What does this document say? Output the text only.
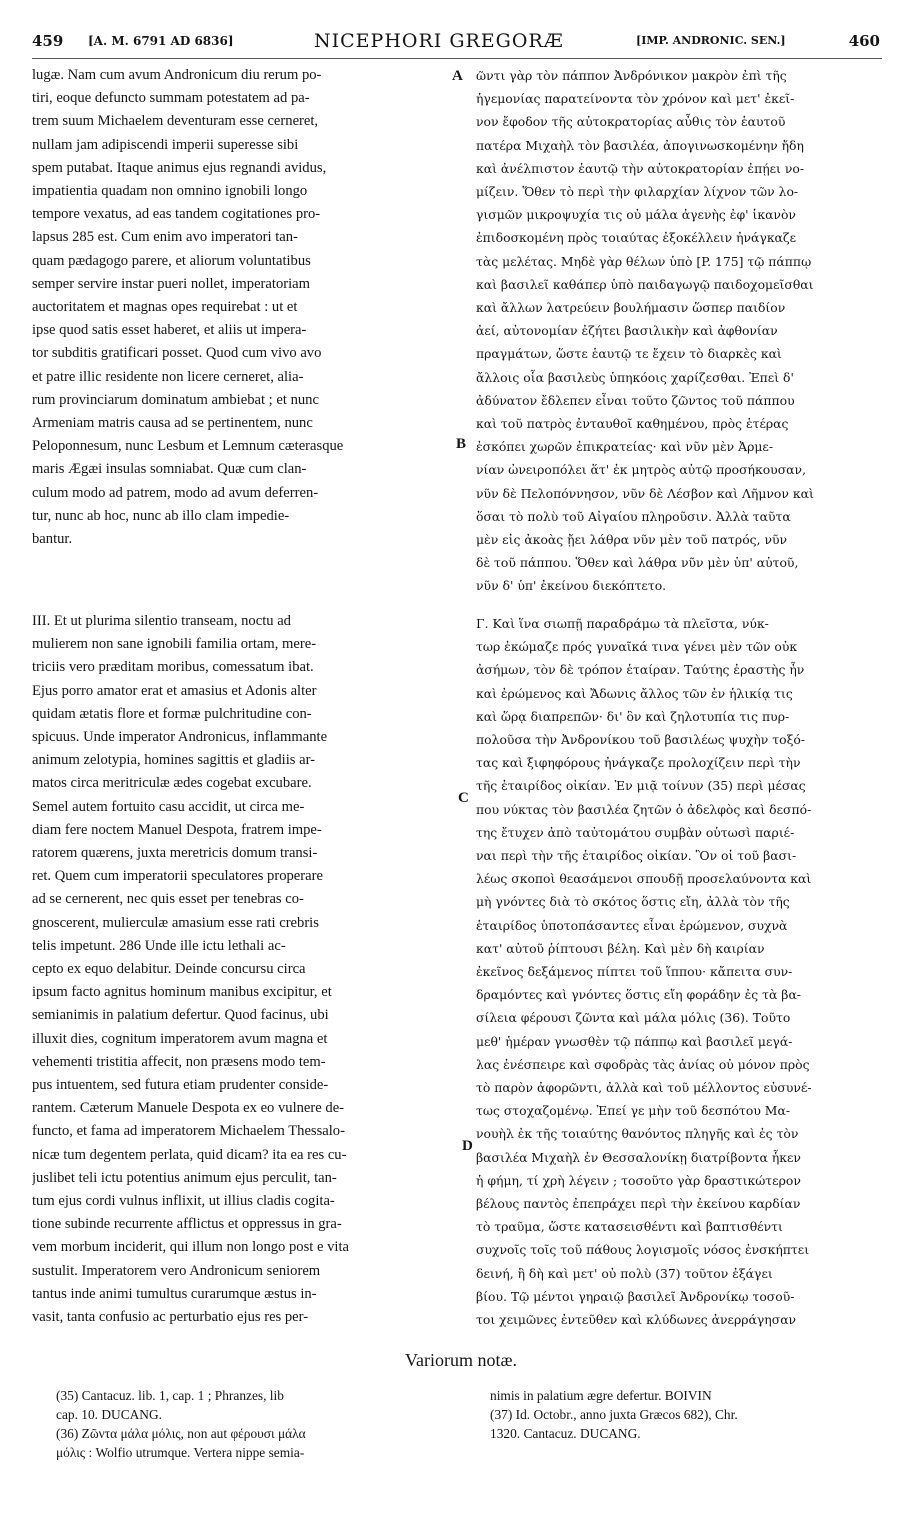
459 [A. M. 6791 AD 6836]	NICEPHORI GREGORÆ	[IMP. ANDRONIC. SEN.]	460
lugæ. Nam cum avum Andronicum diu rerum po-
tiri, eoque defuncto summam potestatem ad pa-
trem suum Michaelem deventuram esse cerneret,
nullam jam adipiscendi imperii superesse sibi
spem putabat. Itaque animus ejus regnandi avidus,
impatientia quadam non omnino ignobili longo
tempore vexatus, ad eas tandem cogitationes pro-
lapsus 285 est. Cum enim avo imperatori tan-
quam pædagogo parere, et aliorum voluntatibus
semper servire instar pueri nollet, imperatoriam
auctoritatem et magnas opes requirebat : ut et
ipse quod satis esset haberet, et aliis ut impera-
tor subditis gratificari posset. Quod cum vivo avo
et patre illic residente non licere cerneret, alia-
rum provinciarum dominatum ambiebat ; et nunc
Armeniam matris causa ad se pertinentem, nunc
Peloponnesum, nunc Lesbum et Lemnum cæterasque
maris Ægæi insulas somniabat. Quæ cum clan-
culum modo ad patrem, modo ad avum deferren-
tur, nunc ab hoc, nunc ab illo clam impedie-
bantur.
III. Et ut plurima silentio transeam, noctu ad
mulierem non sane ignobili familia ortam, mere-
triciis vero præditam moribus, comessatum ibat.
Ejus porro amator erat et amasius et Adonis alter
quidam ætatis flore et formæ pulchritudine con-
spicuus. Unde imperator Andronicus, inflammante
animum zelotypia, homines sagittis et gladiis ar-
matos circa meritriculæ ædes cogebat excubare.
Semel autem fortuito casu accidit, ut circa me-
diam fere noctem Manuel Despota, fratrem impe-
ratorem quærens, juxta meretricis domum transi-
ret. Quem cum imperatorii speculatores properare
ad se cernerent, nec quis esset per tenebras co-
gnoscerent, mulierculæ amasium esse rati crebris
telis impetunt. 286 Unde ille ictu lethali ac-
cepto ex equo delabitur. Deinde concursu circa
ipsum facto agnitus hominum manibus excipitur, et
semianimis in palatium defertur. Quod facinus, ubi
illuxit dies, cognitum imperatorem avum magna et
vehementi tristitia affecit, non præsens modo tem-
pus intuentem, sed futura etiam prudenter conside-
rantem. Cæterum Manuele Despota ex eo vulnere de-
functo, et fama ad imperatorem Michaelem Thessalo-
nicæ tum degentem perlata, quid dicam? ita ea res cu-
juslibet teli ictu potentius animum ejus perculit, tan-
tum ejus cordi vulnus inflixit, ut illius cladis cogita-
tione subinde recurrente afflictus et oppressus in gra-
vem morbum inciderit, qui illum non longo post e vita
sustulit. Imperatorem vero Andronicum seniorem
tantus inde animi tumultus curarumque æstus in-
vasit, tanta confusio ac perturbatio ejus res per-
ῶντι γὰρ τὸν πάππον Ἀνδρόνικον μακρὸν ἐπὶ τῆς
ἡγεμονίας παρατείνοντα τὸν χρόνον καὶ μετ' ἐκεῖ-
νον ἔφοδον τῆς αὐτοκρατορίας αὖθις τὸν ἑαυτοῦ
πατέρα Μιχαὴλ τὸν βασιλέα, ἀπογινωσκομένην ἤδη
καὶ ἀνέλπιστον ἑαυτῷ τὴν αὐτοκρατορίαν ἐπῄει νο-
μίζειν. Ὅθεν τὸ περὶ τὴν φιλαρχίαν λίχνον τῶν λο-
γισμῶν μικροψυχία τις οὐ μάλα ἀγενὴς ἐφ' ἱκανὸν
ἐπιδοσκομένη πρὸς τοιαύτας ἐξοκέλλειν ἠνάγκαζε
τὰς μελέτας. Μηδὲ γὰρ θέλων ὑπὸ [P. 175] τῷ πάππῳ
καὶ βασιλεῖ καθάπερ ὑπὸ παιδαγωγῷ παιδοχομεῖσθαι
καὶ ἄλλων λατρεύειν βουλήμασιν ὥσπερ παιδίον
ἀεί, αὐτονομίαν ἐζήτει βασιλικὴν καὶ ἀφθονίαν
πραγμάτων, ὥστε ἑαυτῷ τε ἔχειν τὸ διαρκὲς καὶ
ἄλλοις οἷα βασιλεὺς ὑπηκόοις χαρίζεσθαι. Ἐπεὶ δ'
ἀδύνατον ἔδλεπεν εἶναι τοῦτο ζῶντος τοῦ πάππου
καὶ τοῦ πατρὸς ἐνταυθοῖ καθημένου, πρὸς ἑτέρας
ἐσκόπει χωρῶν ἐπικρατείας· καὶ νῦν μὲν Ἀρμε-
νίαν ὠνειροπόλει ἅτ' ἐκ μητρὸς αὐτῷ προσήκουσαν,
νῦν δὲ Πελοπόννησον, νῦν δὲ Λέσβον καὶ Λῆμνον καὶ
ὅσαι τὸ πολὺ τοῦ Αἰγαίου πληροῦσιν. Ἀλλὰ ταῦτα
μὲν εἰς ἀκοὰς ᾔει λάθρα νῦν μὲν τοῦ πατρός, νῦν
δὲ τοῦ πάππου. Ὅθεν καὶ λάθρα νῦν μὲν ὑπ' αὐτοῦ,
νῦν δ' ὑπ' ἐκείνου διεκόπτετο.
Γ. Καὶ ἵνα σιωπῇ παραδράμω τὰ πλεῖστα, νύκ-
τωρ ἐκώμαζε πρός γυναῖκά τινα γένει μὲν τῶν οὐκ
ἀσήμων, τὸν δὲ τρόπον ἑταίραν. Ταύτης ἐραστὴς ἦν
καὶ ἐρώμενος καὶ Ἄδωνις ἄλλος τῶν ἐν ἡλικίᾳ τις
καὶ ὥρᾳ διαπρεπῶν· δι' ὃν καὶ ζηλοτυπία τις πυρ-
πολοῦσα τὴν Ἀνδρονίκου τοῦ βασιλέως ψυχὴν τοξό-
τας καὶ ξιφηφόρους ἠνάγκαζε προλοχίζειν περὶ τὴν
τῆς ἑταιρίδος οἰκίαν. Ἐν μιᾷ τοίνυν (35) περὶ μέσας
που νύκτας τὸν βασιλέα ζητῶν ὁ ἀδελφὸς καὶ δεσπό-
της ἔτυχεν ἀπὸ ταὐτομάτου συμβὰν οὑτωσὶ παριέ-
ναι περὶ τὴν τῆς ἑταιρίδος οἰκίαν. Ὃν οἱ τοῦ βασι-
λέως σκοποὶ θεασάμενοι σπουδῇ προσελαύνοντα καὶ
μὴ γνόντες διὰ τὸ σκότος ὅστις εἴη, ἀλλὰ τὸν τῆς
ἑταιρίδος ὑποτοπάσαντες εἶναι ἐρώμενον, συχνὰ
κατ' αὐτοῦ ῥίπτουσι βέλη. Καὶ μὲν δὴ καιρίαν
ἐκεῖνος δεξάμενος πίπτει τοῦ ἵππου· κἄπειτα συν-
δραμόντες καὶ γνόντες ὅστις εἴη φοράδην ἐς τὰ βα-
σίλεια φέρουσι ζῶντα καὶ μάλα μόλις (36). Τοῦτο
μεθ' ἡμέραν γνωσθὲν τῷ πάππῳ καὶ βασιλεῖ μεγά-
λας ἐνέσπειρε καὶ σφοδρὰς τὰς ἀνίας οὐ μόνον πρὸς
τὸ παρὸν ἀφορῶντι, ἀλλὰ καὶ τοῦ μέλλοντος εὐσυνέ-
τως στοχαζομένῳ. Ἐπεί γε μὴν τοῦ δεσπότου Μα-
νουὴλ ἐκ τῆς τοιαύτης θανόντος πληγῆς καὶ ἐς τὸν
βασιλέα Μιχαὴλ ἐν Θεσσαλονίκῃ διατρίβοντα ἧκεν
ἡ φήμη, τί χρὴ λέγειν ; τοσοῦτο γὰρ δραστικώτερον
βέλους παντὸς ἐπεπράχει περὶ τὴν ἐκείνου καρδίαν
τὸ τραῦμα, ὥστε κατασεισθέντι καὶ βαπτισθέντι
συχνοῖς τοῖς τοῦ πάθους λογισμοῖς νόσος ἐνσκήπτει
δεινή, ἣ δὴ καὶ μετ' οὐ πολὺ (37) τοῦτον ἐξάγει
βίου. Τῷ μέντοι γηραιῷ βασιλεῖ Ἀνδρονίκῳ τοσοῦ-
τοι χειμῶνες ἐντεῦθεν καὶ κλύδωνες ἀνερράγησαν
A
B
C
D
Variorum notæ.
(35) Cantacuz. lib. 1, cap. 1 ; Phranzes, lib
cap. 10. DUCANG.
(36) Ζῶντα μάλα μόλις, non aut φέρουσι μάλα
μόλις : Wolfio utrumque. Vertera nippe semia-
nimis in palatium ægre defertur. BOIVIN
(37) Id. Octobr., anno juxta Græcos 682), Chr.
1320. Cantacuz. DUCANG.
